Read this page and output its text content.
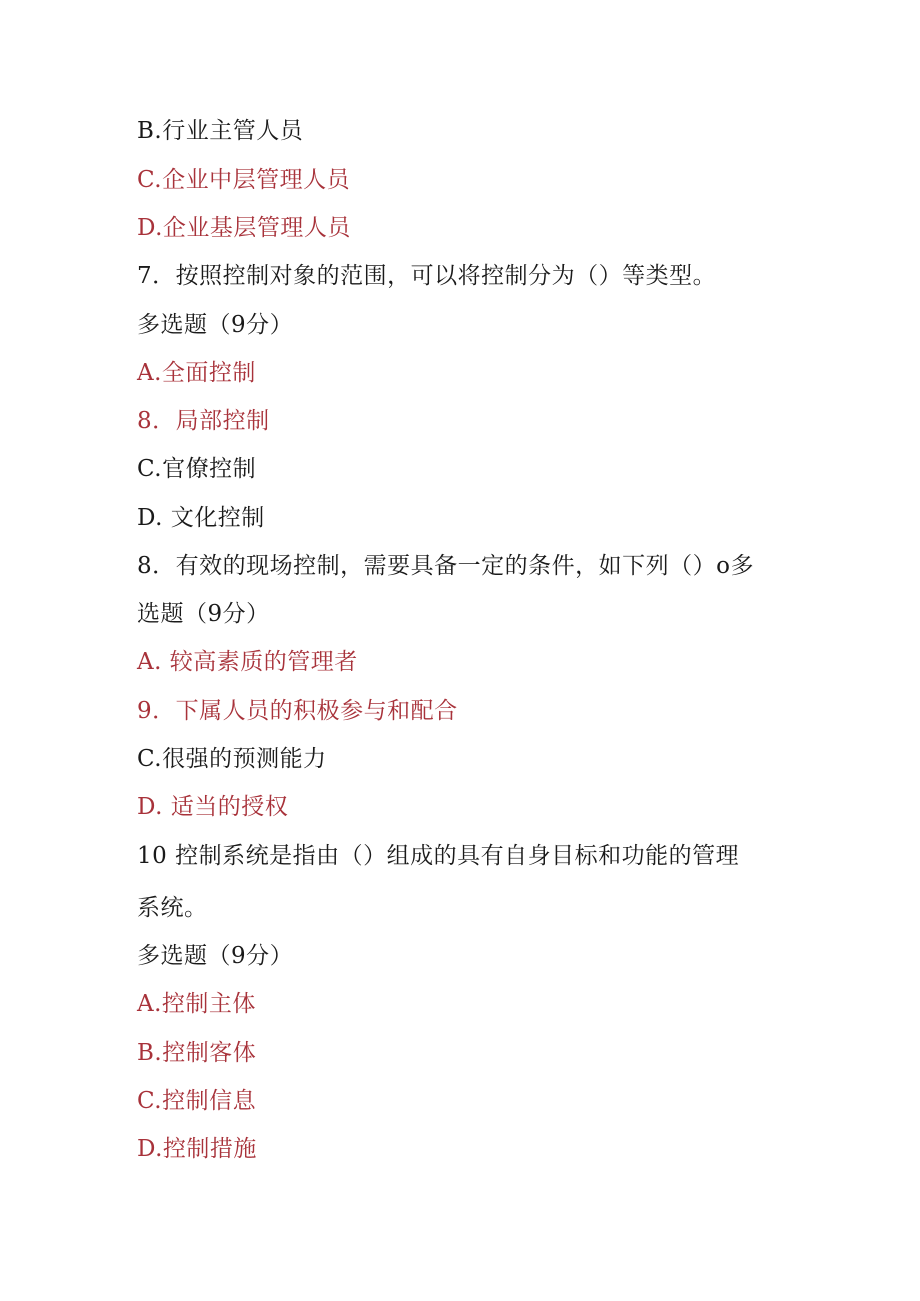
B.行业主管人员
C.企业中层管理人员
D.企业基层管理人员
7．按照控制对象的范围，可以将控制分为（）等类型。
多选题（9分）
A.全面控制
8．局部控制
C.官僚控制
D. 文化控制
8．有效的现场控制，需要具备一定的条件，如下列（）o多
选题（9分）
A. 较高素质的管理者
9．下属人员的积极参与和配合
C.很强的预测能力
D. 适当的授权
10 控制系统是指由（）组成的具有自身目标和功能的管理
系统。
多选题（9分）
A.控制主体
B.控制客体
C.控制信息
D.控制措施
